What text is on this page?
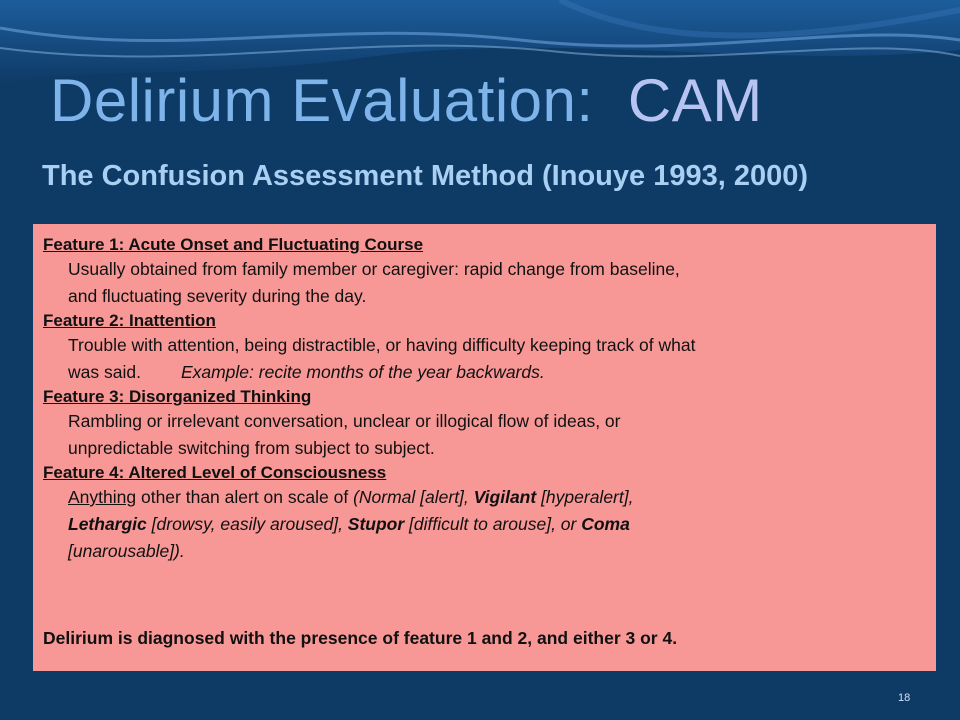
Delirium Evaluation: CAM
The Confusion Assessment Method (Inouye 1993, 2000)
Feature 1: Acute Onset and Fluctuating Course
Usually obtained from family member or caregiver: rapid change from baseline,
and fluctuating severity during the day.
Feature 2: Inattention
Trouble with attention, being distractible, or having difficulty keeping track of what
was said. Example: recite months of the year backwards.
Feature 3: Disorganized Thinking
Rambling or irrelevant conversation, unclear or illogical flow of ideas, or
unpredictable switching from subject to subject.
Feature 4: Altered Level of Consciousness
Anything other than alert on scale of (Normal [alert], Vigilant [hyperalert],
Lethargic [drowsy, easily aroused], Stupor [difficult to arouse], or Coma
[unarousable]).
Delirium is diagnosed with the presence of feature 1 and 2, and either 3 or 4.
18
